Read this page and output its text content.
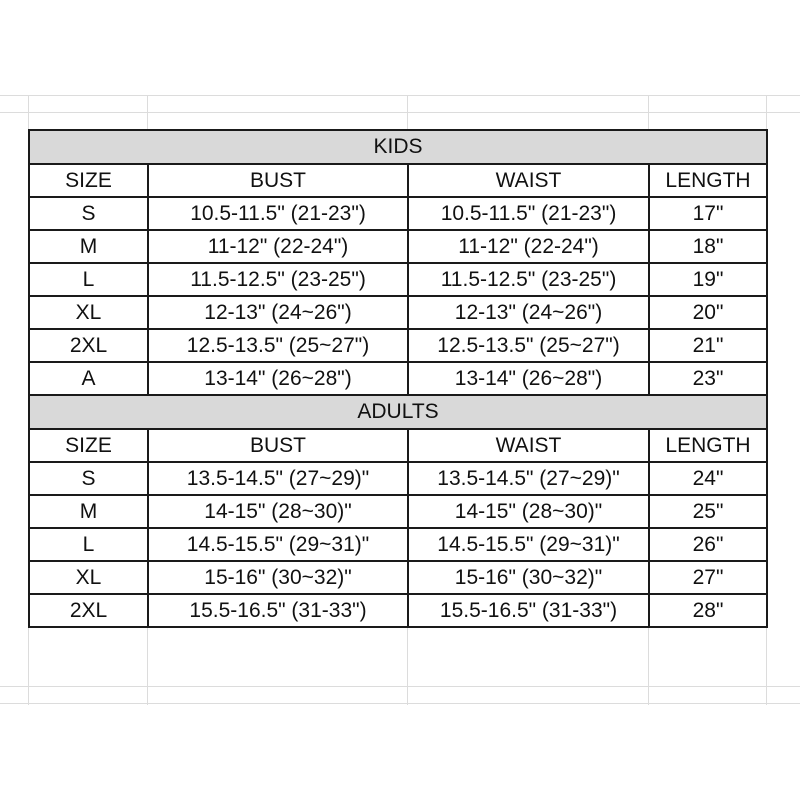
KIDS			
SIZE	BUST	WAIST	LENGTH
S	10.5-11.5" (21-23")	10.5-11.5" (21-23")	17"
M	11-12" (22-24")	11-12" (22-24")	18"
L	11.5-12.5" (23-25")	11.5-12.5" (23-25")	19"
XL	12-13" (24~26")	12-13" (24~26")	20"
2XL	12.5-13.5" (25~27")	12.5-13.5" (25~27")	21"
A	13-14" (26~28")	13-14" (26~28")	23"
ADULTS			
SIZE	BUST	WAIST	LENGTH
S	13.5-14.5" (27~29)"	13.5-14.5" (27~29)"	24"
M	14-15" (28~30)"	14-15" (28~30)"	25"
L	14.5-15.5" (29~31)"	14.5-15.5" (29~31)"	26"
XL	15-16" (30~32)"	15-16" (30~32)"	27"
2XL	15.5-16.5" (31-33")	15.5-16.5" (31-33")	28"
